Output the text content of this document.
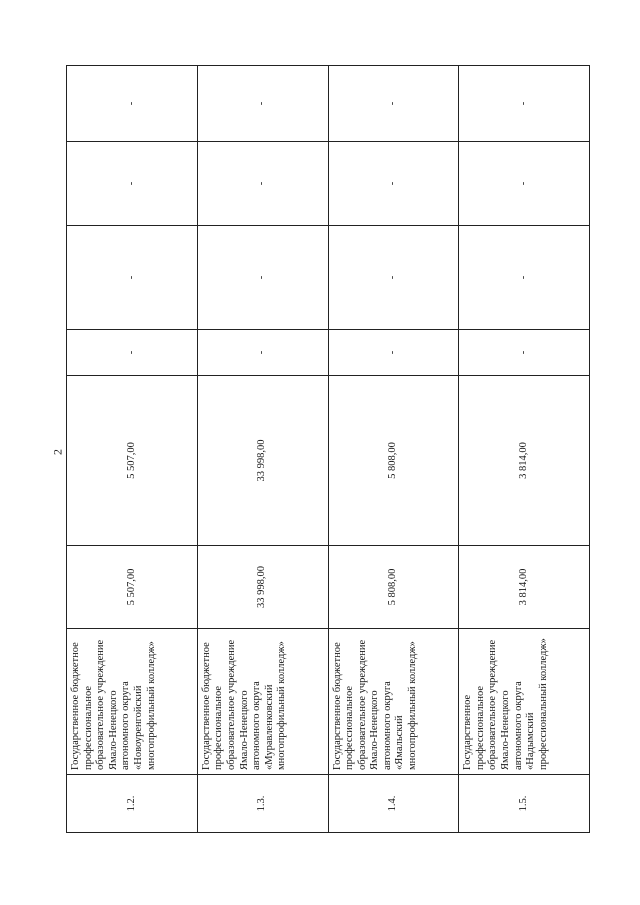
2
1.2.	Государственное бюджетное профессиональное образовательное учреждение Ямало-Ненецкого автономного округа «Новоуренгойский многопрофильный колледж»	5 507,00	5 507,00	-	-	-	-
1.3.	Государственное бюджетное профессиональное образовательное учреждение Ямало-Ненецкого автономного округа «Муравленковский многопрофильный колледж»	33 998,00	33 998,00	-	-	-	-
1.4.	Государственное бюджетное профессиональное образовательное учреждение Ямало-Ненецкого автономного округа «Ямальский многопрофильный колледж»	5 808,00	5 808,00	-	-	-	-
1.5.	Государственное профессиональное образовательное учреждение Ямало-Ненецкого автономного округа «Надымский профессиональный колледж»	3 814,00	3 814,00	-	-	-	-
